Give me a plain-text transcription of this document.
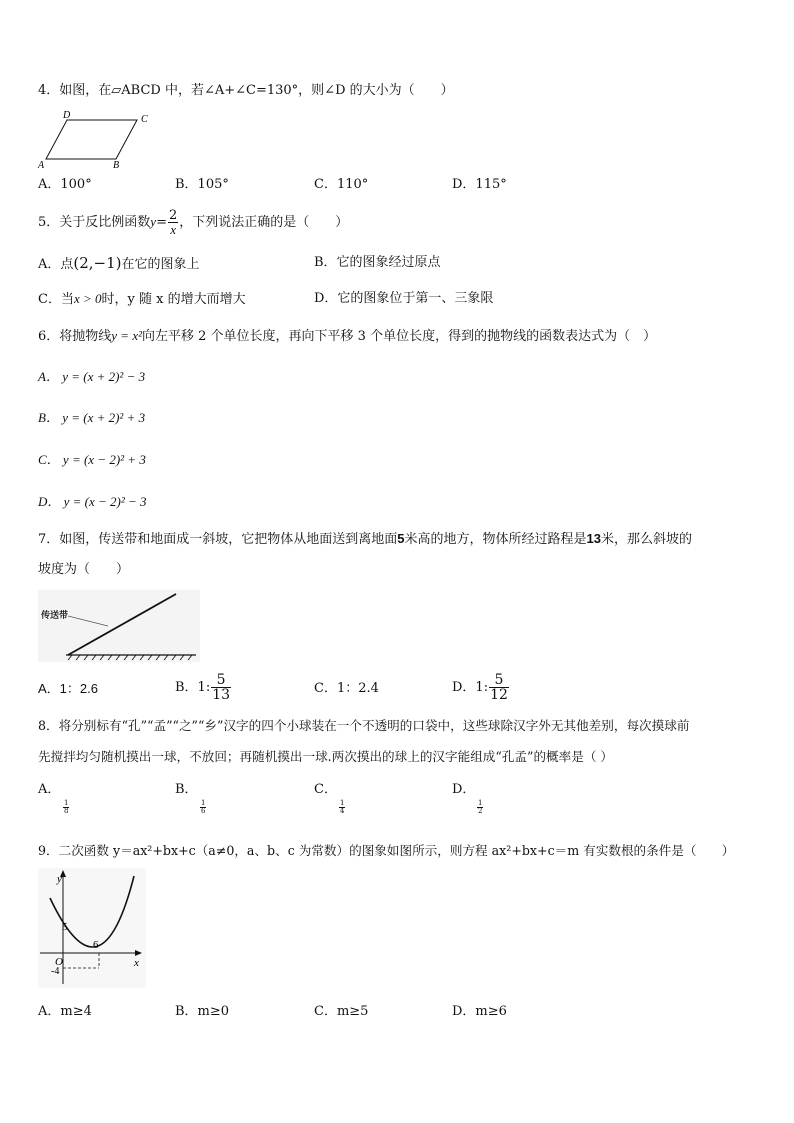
4．如图，在▱ABCD 中，若∠A+∠C=130°，则∠D 的大小为（　　）
D	C
A	B
A．100°	B．105°	C．110°	D．115°
5．关于反比例函数$y= \frac{2}{x}$ ，下列说法正确的是（　　）
A．点(2,−1)在它的图象上	B．它的图象经过原点
C．当x > 0时，y 随 x 的增大而增大	D．它的图象位于第一、三象限
6．将抛物线y = x²向左平移 2 个单位长度，再向下平移 3 个单位长度，得到的抛物线的函数表达式为（　）
A． y = (x + 2)² − 3
B． y = (x + 2)² + 3
C． y = (x − 2)² + 3
D． y = (x − 2)² − 3
7．如图，传送带和地面成一斜坡，它把物体从地面送到离地面5米高的地方，物体所经过路程是13米，那么斜坡的
坡度为（　　）
传送带
A．1：2.6	B．1: $\frac{5}{13}$	C．1：2.4	D．1: $\frac{5}{12}$
8．将分别标有“孔”“孟”“之”“乡”汉字的四个小球装在一个不透明的口袋中，这些球除汉字外无其他差别，每次摸球前
先搅拌均匀随机摸出一球，不放回；再随机摸出一球.两次摸出的球上的汉字能组成“孔孟”的概率是（ ）
A．

$\frac{1}{8}$
B．

$\frac{1}{6}$
C．

$\frac{1}{4}$
D．

$\frac{1}{2}$
9．二次函数 y＝ax²+bx+c（a≠0，a、b、c 为常数）的图象如图所示，则方程 ax²+bx+c＝m 有实数根的条件是（　　）
y
x
O
5
6
-4
A．m≥4	B．m≥0	C．m≥5	D．m≥6
